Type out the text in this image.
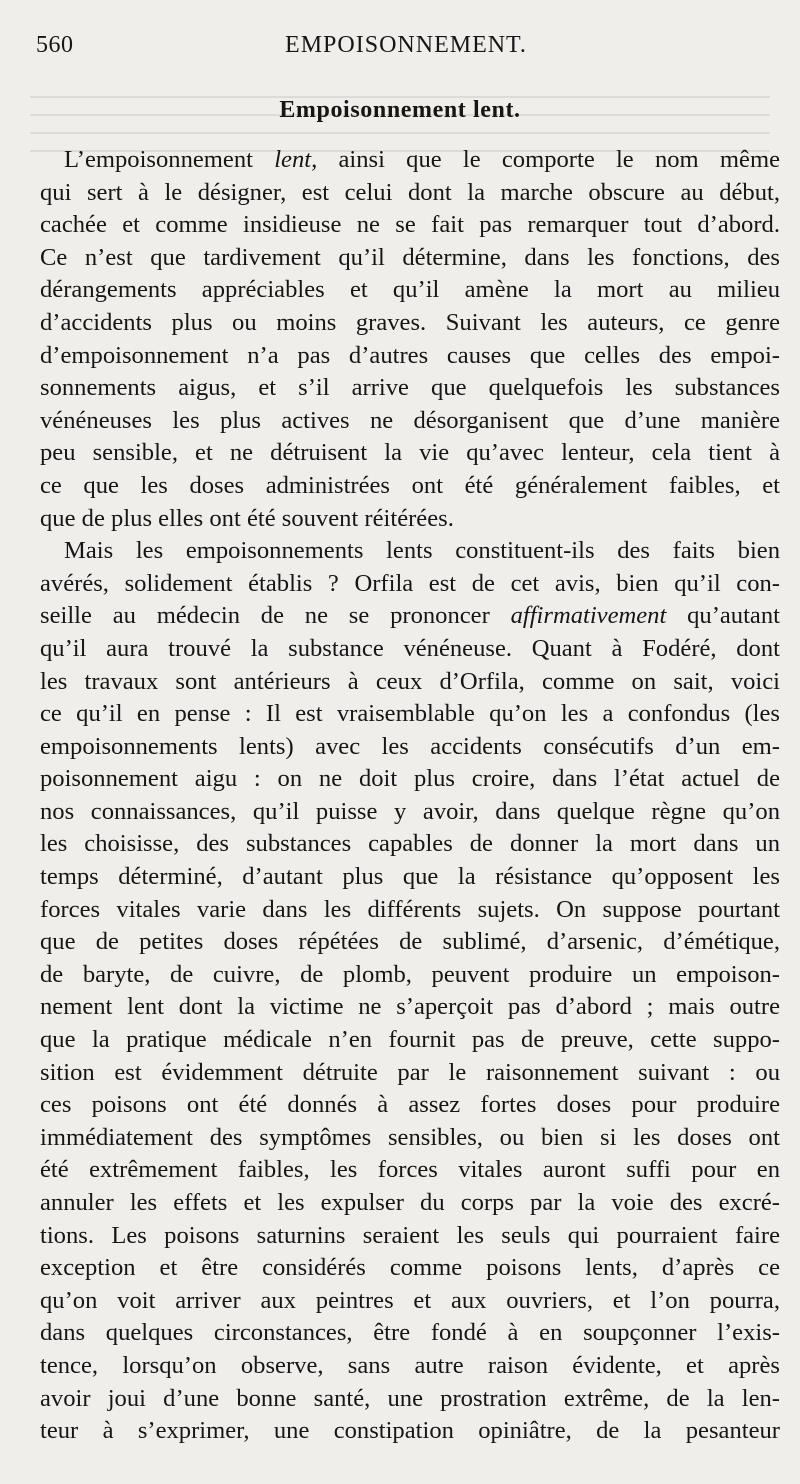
560	EMPOISONNEMENT.
Empoisonnement lent.
L’empoisonnement lent, ainsi que le comporte le nom même
qui sert à le désigner, est celui dont la marche obscure au début,
cachée et comme insidieuse ne se fait pas remarquer tout d’abord.
Ce n’est que tardivement qu’il détermine, dans les fonctions, des
dérangements appréciables et qu’il amène la mort au milieu
d’accidents plus ou moins graves. Suivant les auteurs, ce genre
d’empoisonnement n’a pas d’autres causes que celles des empoi-
sonnements aigus, et s’il arrive que quelquefois les substances
vénéneuses les plus actives ne désorganisent que d’une manière
peu sensible, et ne détruisent la vie qu’avec lenteur, cela tient à
ce que les doses administrées ont été généralement faibles, et
que de plus elles ont été souvent réitérées.
Mais les empoisonnements lents constituent-ils des faits bien
avérés, solidement établis ? Orfila est de cet avis, bien qu’il con-
seille au médecin de ne se prononcer affirmativement qu’autant
qu’il aura trouvé la substance vénéneuse. Quant à Fodéré, dont
les travaux sont antérieurs à ceux d’Orfila, comme on sait, voici
ce qu’il en pense : Il est vraisemblable qu’on les a confondus (les
empoisonnements lents) avec les accidents consécutifs d’un em-
poisonnement aigu : on ne doit plus croire, dans l’état actuel de
nos connaissances, qu’il puisse y avoir, dans quelque règne qu’on
les choisisse, des substances capables de donner la mort dans un
temps déterminé, d’autant plus que la résistance qu’opposent les
forces vitales varie dans les différents sujets. On suppose pourtant
que de petites doses répétées de sublimé, d’arsenic, d’émétique,
de baryte, de cuivre, de plomb, peuvent produire un empoison-
nement lent dont la victime ne s’aperçoit pas d’abord ; mais outre
que la pratique médicale n’en fournit pas de preuve, cette suppo-
sition est évidemment détruite par le raisonnement suivant : ou
ces poisons ont été donnés à assez fortes doses pour produire
immédiatement des symptômes sensibles, ou bien si les doses ont
été extrêmement faibles, les forces vitales auront suffi pour en
annuler les effets et les expulser du corps par la voie des excré-
tions. Les poisons saturnins seraient les seuls qui pourraient faire
exception et être considérés comme poisons lents, d’après ce
qu’on voit arriver aux peintres et aux ouvriers, et l’on pourra,
dans quelques circonstances, être fondé à en soupçonner l’exis-
tence, lorsqu’on observe, sans autre raison évidente, et après
avoir joui d’une bonne santé, une prostration extrême, de la len-
teur à s’exprimer, une constipation opiniâtre, de la pesanteur
